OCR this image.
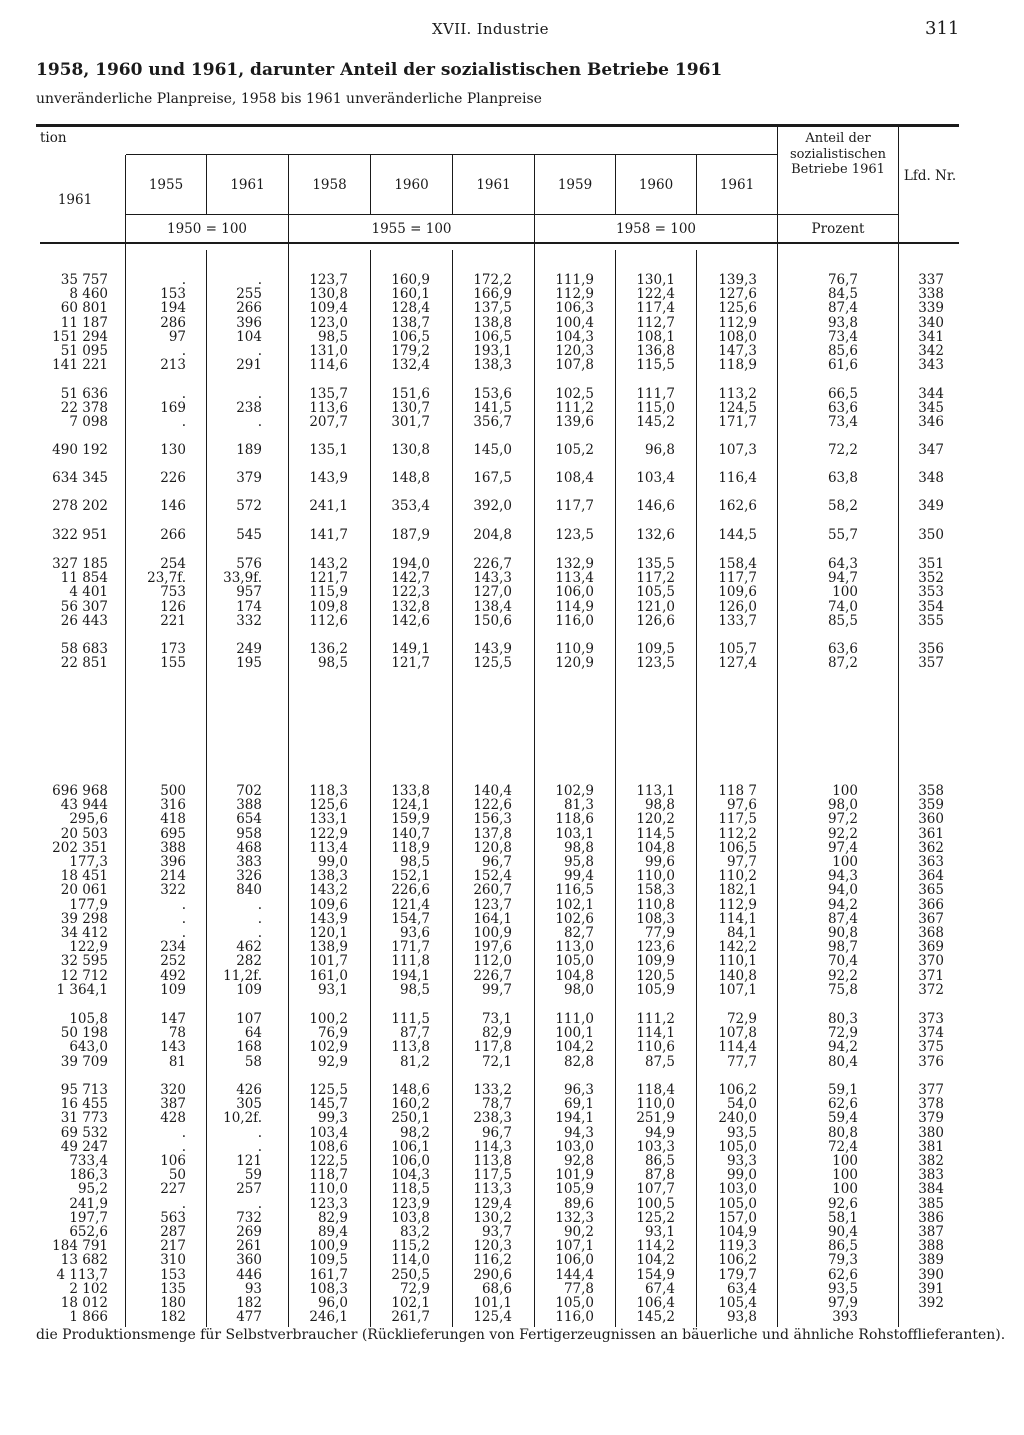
XVII. Industrie	311
1958, 1960 und 1961, darunter Anteil der sozialistischen Betriebe 1961
unveränderliche Planpreise, 1958 bis 1961 unveränderliche Planpreise
tion
1961
1955	1961	1958	1960	1961	1959	1960	1961
1950 = 100	1955 = 100	1958 = 100
Anteil der sozialistischen Betriebe 1961
Prozent
Lfd. Nr.
35 757	.	.	123,7	160,9	172,2	111,9	130,1	139,3	76,7	337
8 460	153	255	130,8	160,1	166,9	112,9	122,4	127,6	84,5	338
60 801	194	266	109,4	128,4	137,5	106,3	117,4	125,6	87,4	339
11 187	286	396	123,0	138,7	138,8	100,4	112,7	112,9	93,8	340
151 294	97	104	98,5	106,5	106,5	104,3	108,1	108,0	73,4	341
51 095	.	.	131,0	179,2	193,1	120,3	136,8	147,3	85,6	342
141 221	213	291	114,6	132,4	138,3	107,8	115,5	118,9	61,6	343
51 636	.	.	135,7	151,6	153,6	102,5	111,7	113,2	66,5	344
22 378	169	238	113,6	130,7	141,5	111,2	115,0	124,5	63,6	345
7 098	.	.	207,7	301,7	356,7	139,6	145,2	171,7	73,4	346
490 192	130	189	135,1	130,8	145,0	105,2	96,8	107,3	72,2	347
634 345	226	379	143,9	148,8	167,5	108,4	103,4	116,4	63,8	348
278 202	146	572	241,1	353,4	392,0	117,7	146,6	162,6	58,2	349
322 951	266	545	141,7	187,9	204,8	123,5	132,6	144,5	55,7	350
327 185	254	576	143,2	194,0	226,7	132,9	135,5	158,4	64,3	351
11 854	23,7f.	33,9f.	121,7	142,7	143,3	113,4	117,2	117,7	94,7	352
4 401	753	957	115,9	122,3	127,0	106,0	105,5	109,6	100	353
56 307	126	174	109,8	132,8	138,4	114,9	121,0	126,0	74,0	354
26 443	221	332	112,6	142,6	150,6	116,0	126,6	133,7	85,5	355
58 683	173	249	136,2	149,1	143,9	110,9	109,5	105,7	63,6	356
22 851	155	195	98,5	121,7	125,5	120,9	123,5	127,4	87,2	357
696 968	500	702	118,3	133,8	140,4	102,9	113,1	118 7	100	358
43 944	316	388	125,6	124,1	122,6	81,3	98,8	97,6	98,0	359
295,6	418	654	133,1	159,9	156,3	118,6	120,2	117,5	97,2	360
20 503	695	958	122,9	140,7	137,8	103,1	114,5	112,2	92,2	361
202 351	388	468	113,4	118,9	120,8	98,8	104,8	106,5	97,4	362
177,3	396	383	99,0	98,5	96,7	95,8	99,6	97,7	100	363
18 451	214	326	138,3	152,1	152,4	99,4	110,0	110,2	94,3	364
20 061	322	840	143,2	226,6	260,7	116,5	158,3	182,1	94,0	365
177,9	.	.	109,6	121,4	123,7	102,1	110,8	112,9	94,2	366
39 298	.	.	143,9	154,7	164,1	102,6	108,3	114,1	87,4	367
34 412	.	.	120,1	93,6	100,9	82,7	77,9	84,1	90,8	368
122,9	234	462	138,9	171,7	197,6	113,0	123,6	142,2	98,7	369
32 595	252	282	101,7	111,8	112,0	105,0	109,9	110,1	70,4	370
12 712	492	11,2f.	161,0	194,1	226,7	104,8	120,5	140,8	92,2	371
1 364,1	109	109	93,1	98,5	99,7	98,0	105,9	107,1	75,8	372
105,8	147	107	100,2	111,5	73,1	111,0	111,2	72,9	80,3	373
50 198	78	64	76,9	87,7	82,9	100,1	114,1	107,8	72,9	374
643,0	143	168	102,9	113,8	117,8	104,2	110,6	114,4	94,2	375
39 709	81	58	92,9	81,2	72,1	82,8	87,5	77,7	80,4	376
95 713	320	426	125,5	148,6	133,2	96,3	118,4	106,2	59,1	377
16 455	387	305	145,7	160,2	78,7	69,1	110,0	54,0	62,6	378
31 773	428	10,2f.	99,3	250,1	238,3	194,1	251,9	240,0	59,4	379
69 532	.	.	103,4	98,2	96,7	94,3	94,9	93,5	80,8	380
49 247	.	.	108,6	106,1	114,3	103,0	103,3	105,0	72,4	381
733,4	106	121	122,5	106,0	113,8	92,8	86,5	93,3	100	382
186,3	50	59	118,7	104,3	117,5	101,9	87,8	99,0	100	383
95,2	227	257	110,0	118,5	113,3	105,9	107,7	103,0	100	384
241,9	.	.	123,3	123,9	129,4	89,6	100,5	105,0	92,6	385
197,7	563	732	82,9	103,8	130,2	132,3	125,2	157,0	58,1	386
652,6	287	269	89,4	83,2	93,7	90,2	93,1	104,9	90,4	387
184 791	217	261	100,9	115,2	120,3	107,1	114,2	119,3	86,5	388
13 682	310	360	109,5	114,0	116,2	106,0	104,2	106,2	79,3	389
4 113,7	153	446	161,7	250,5	290,6	144,4	154,9	179,7	62,6	390
2 102	135	93	108,3	72,9	68,6	77,8	67,4	63,4	93,5	391
18 012	180	182	96,0	102,1	101,1	105,0	106,4	105,4	97,9	392
1 866	182	477	246,1	261,7	125,4	116,0	145,2	93,8	393
die Produktionsmenge für Selbstverbraucher (Rücklieferungen von Fertigerzeugnissen an bäuerliche und ähnliche Rohstofflieferanten).
